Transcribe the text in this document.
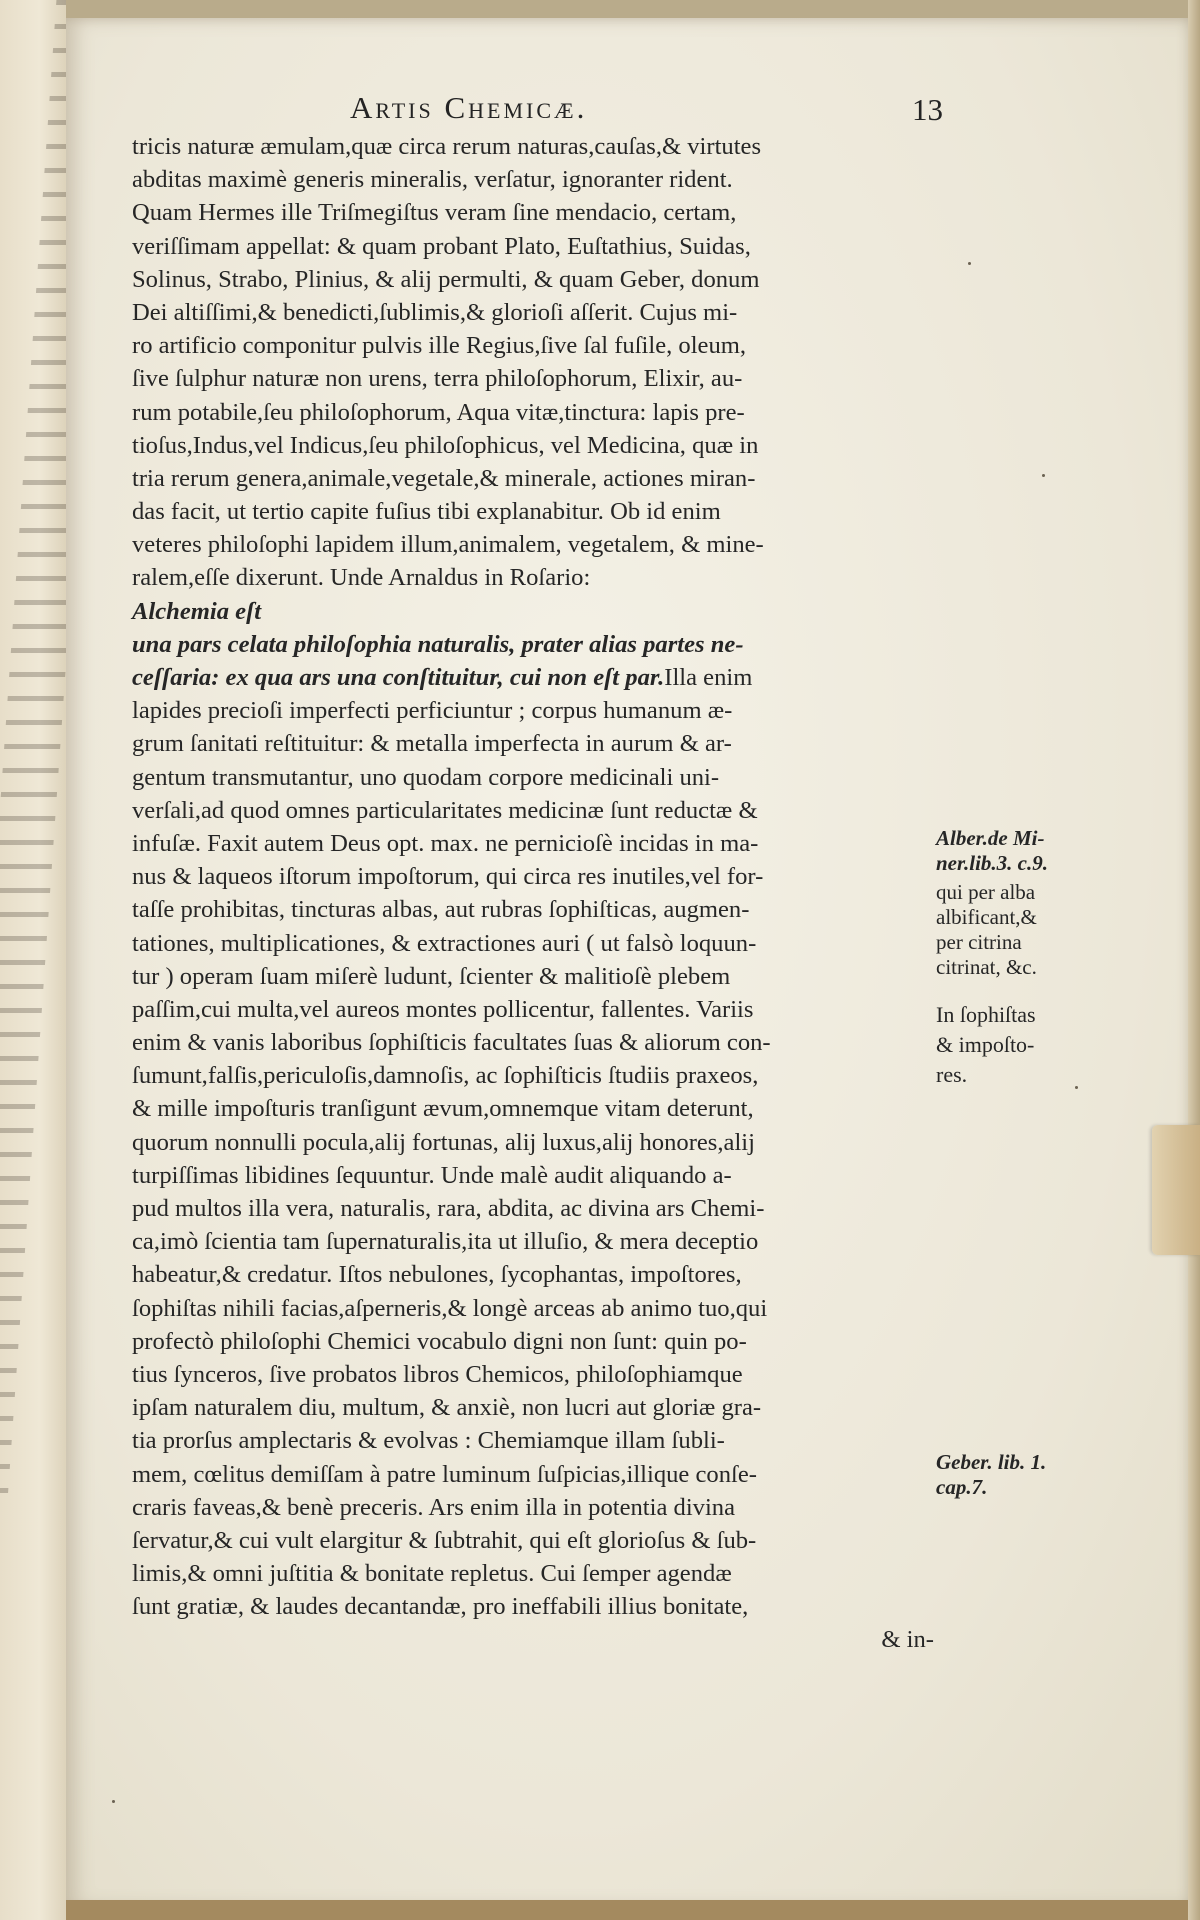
Artis Chemicæ.	13
tricis naturæ æmulam,quæ circa rerum naturas,cauſas,& virtutes
abditas maximè generis mineralis, verſatur, ignoranter rident.
Quam Hermes ille Triſmegiſtus veram ſine mendacio, certam,
veriſſimam appellat: & quam probant Plato, Euſtathius, Suidas,
Solinus, Strabo, Plinius, & alij permulti, & quam Geber, donum
Dei altiſſimi,& benedicti,ſublimis,& glorioſi aſſerit. Cujus mi-
ro artificio componitur pulvis ille Regius,ſive ſal fuſile, oleum,
ſive ſulphur naturæ non urens, terra philoſophorum, Elixir, au-
rum potabile,ſeu philoſophorum, Aqua vitæ,tinctura: lapis pre-
tioſus,Indus,vel Indicus,ſeu philoſophicus, vel Medicina, quæ in
tria rerum genera,animale,vegetale,& minerale, actiones miran-
das facit, ut tertio capite fuſius tibi explanabitur. Ob id enim
veteres philoſophi lapidem illum,animalem, vegetalem, & mine-
ralem,eſſe dixerunt. Unde Arnaldus in Roſario:
Alchemia eſt
una pars celata philoſophia naturalis, prater alias partes ne-
ceſſaria: ex qua ars una conſtituitur, cui non eſt par.Illa enim
lapides precioſi imperfecti perficiuntur ; corpus humanum æ-
grum ſanitati reſtituitur: & metalla imperfecta in aurum & ar-
gentum transmutantur, uno quodam corpore medicinali uni-
verſali,ad quod omnes particularitates medicinæ ſunt reductæ &
infuſæ. Faxit autem Deus opt. max. ne pernicioſè incidas in ma-
nus & laqueos iſtorum impoſtorum, qui circa res inutiles,vel for-
taſſe prohibitas, tincturas albas, aut rubras ſophiſticas, augmen-
tationes, multiplicationes, & extractiones auri ( ut falsò loquun-
tur ) operam ſuam miſerè ludunt, ſcienter & malitioſè plebem
paſſim,cui multa,vel aureos montes pollicentur, fallentes. Variis
enim & vanis laboribus ſophiſticis facultates ſuas & aliorum con-
ſumunt,falſis,periculoſis,damnoſis, ac ſophiſticis ſtudiis praxeos,
& mille impoſturis tranſigunt ævum,omnemque vitam deterunt,
quorum nonnulli pocula,alij fortunas, alij luxus,alij honores,alij
turpiſſimas libidines ſequuntur. Unde malè audit aliquando a-
pud multos illa vera, naturalis, rara, abdita, ac divina ars Chemi-
ca,imò ſcientia tam ſupernaturalis,ita ut illuſio, & mera deceptio
habeatur,& credatur. Iſtos nebulones, ſycophantas, impoſtores,
ſophiſtas nihili facias,aſperneris,& longè arceas ab animo tuo,qui
profectò philoſophi Chemici vocabulo digni non ſunt: quin po-
tius ſynceros, ſive probatos libros Chemicos, philoſophiamque
ipſam naturalem diu, multum, & anxiè, non lucri aut gloriæ gra-
tia prorſus amplectaris & evolvas : Chemiamque illam ſubli-
mem, cœlitus demiſſam à patre luminum ſuſpicias,illique conſe-
craris faveas,& benè preceris. Ars enim illa in potentia divina
ſervatur,& cui vult elargitur & ſubtrahit, qui eſt glorioſus & ſub-
limis,& omni juſtitia & bonitate repletus. Cui ſemper agendæ
ſunt gratiæ, & laudes decantandæ, pro ineffabili illius bonitate,
& in-
Alber.de Mi-
ner.lib.3. c.9.
qui per alba
albificant,&
per citrina
citrinat, &c.
In ſophiſtas
& impoſto-
res.
Geber. lib. 1.
cap.7.
